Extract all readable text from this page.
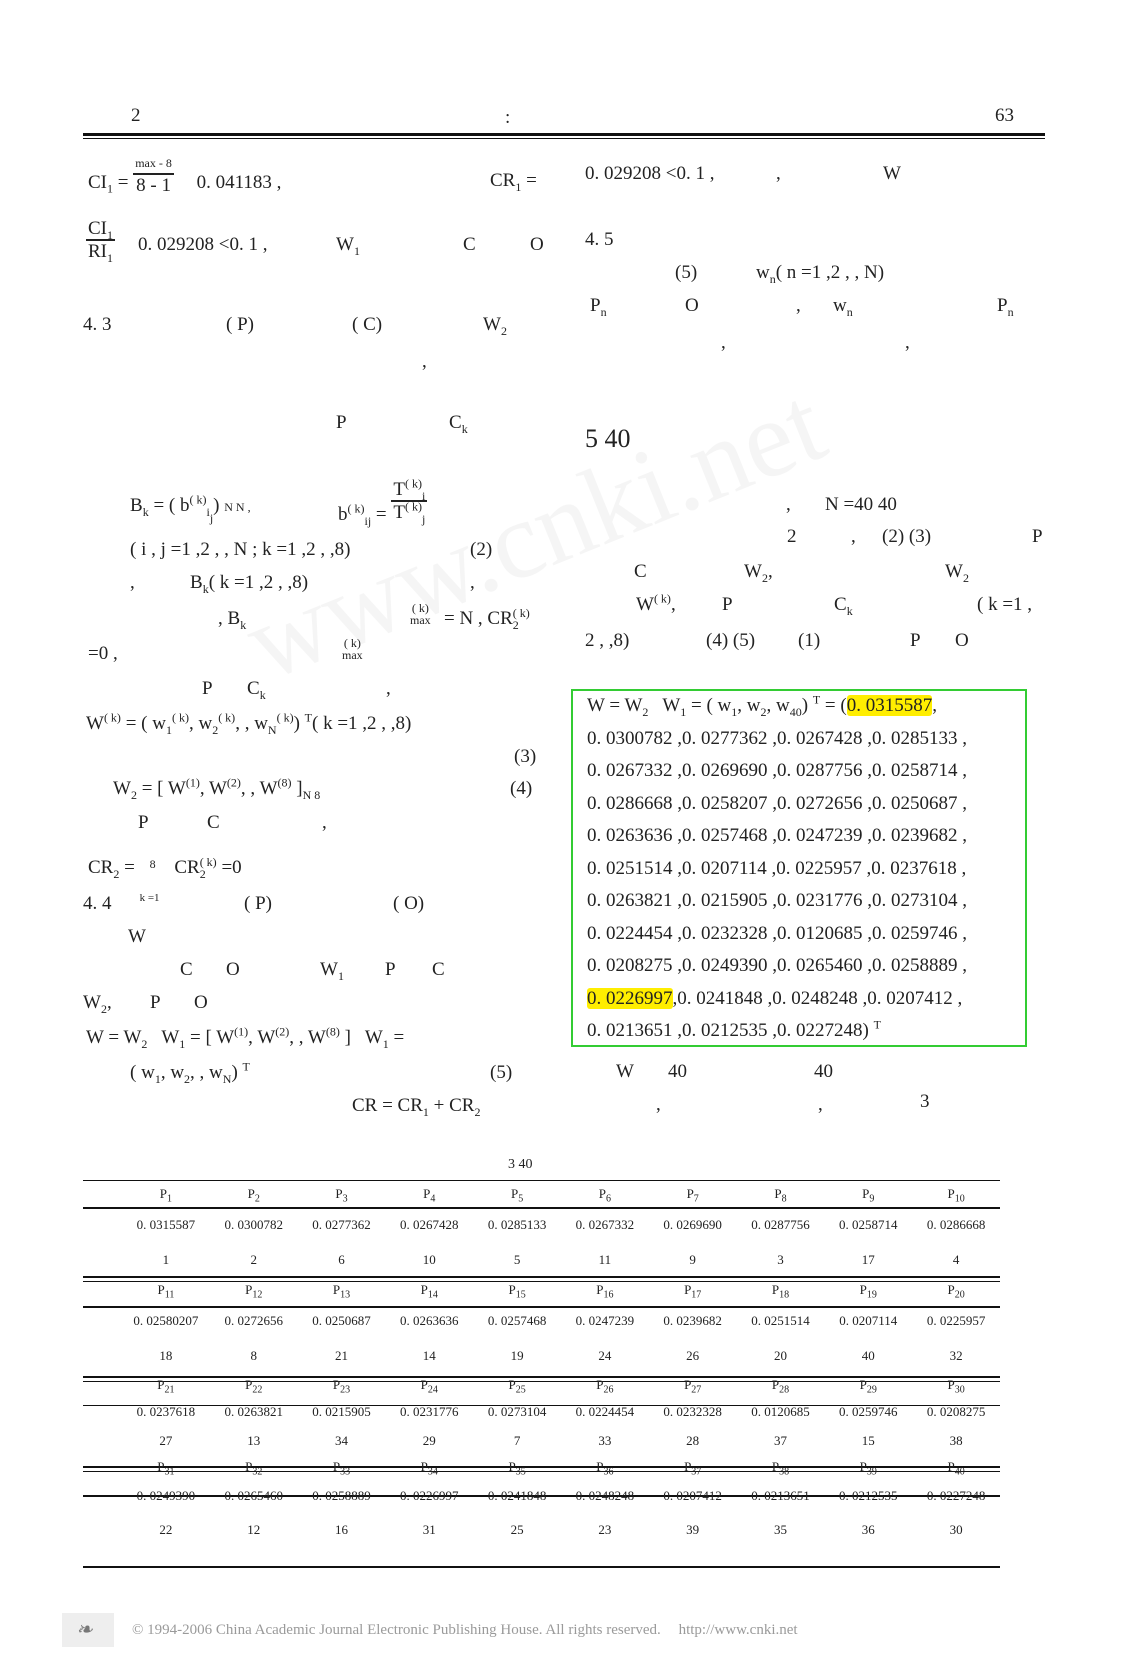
2	:	63
$CI_1 = \frac{\max - 8}{8 - 1} 0$. 041183 ,	$CR_1$ =
$\frac{CI_1}{RI_1} 0$. 029208 <0. 1 ,	$W_1$	C	O
4. 3	( P)	( C)	$W_2$
,
P	$C_k$
$B_k$ = ( $b^{( k)}_{ij}$) N N ,	$b^{( k)}_{ij} = \frac{T^{( k)}_i}{T^{( k)}_j}$
( i , j =1 ,2 , , N ; k =1 ,2 , ,8)	(2)
,	$B_k$( k =1 ,2 , ,8)	,
, $B_k$
( k)
max = N , $CR_2^{( k)}$
=0 ,	( k)
max
P $C_k$	,
$W^{( k)}$ = ( $w_1^{( k)}$, $w_2^{( k)}$, , $w_N^{( k)}$) $^T$( k =1 ,2 , ,8)
(3)
$W_2$ = [ $W^{(1)}$, $W^{(2)}$, , $W^{(8)}$ ]$_{N 8}$	(4)
P	C	,
$CR_2 = 8$
k =1
$CR_2^{( k)} =0$
4. 4	( P)	( O)
W
C O	$W_1$ P C
$W_2$, P O
$W = W_2$ $W_1$ = [ $W^{(1)}$, $W^{(2)}$, , $W^{(8)}$ ] $W_1$ =
( $w_1$, $w_2$, , $w_N$) $^T$	(5)
CR = $CR_1 + CR_2$
0. 029208 <0. 1 ,	,	W
4. 5
(5)	$w_n$( n =1 ,2 , , N)
$P_n$	O	, $w_n$	$P_n$
,	,
5 40
, N =40 40
2	, (2) (3)	P
C	$W_2$,	$W_2$
$W^{( k)}$, P	$C_k$	( k =1 ,
2 , ,8)	(4) (5) (1)	P O
$W = W_2$ $W_1$ = ( $w_1$, $w_2$, $w_{40}$) $^T$ = (0. 0315587,
0. 0300782 ,0. 0277362 ,0. 0267428 ,0. 0285133 ,
0. 0267332 ,0. 0269690 ,0. 0287756 ,0. 0258714 ,
0. 0286668 ,0. 0258207 ,0. 0272656 ,0. 0250687 ,
0. 0263636 ,0. 0257468 ,0. 0247239 ,0. 0239682 ,
0. 0251514 ,0. 0207114 ,0. 0225957 ,0. 0237618 ,
0. 0263821 ,0. 0215905 ,0. 0231776 ,0. 0273104 ,
0. 0224454 ,0. 0232328 ,0. 0120685 ,0. 0259746 ,
0. 0208275 ,0. 0249390 ,0. 0265460 ,0. 0258889 ,
0. 0226997,0. 0241848 ,0. 0248248 ,0. 0207412 ,
0. 0213651 ,0. 0212535 ,0. 0227248) $^T$
W 40	40
,	,	3
3 40
	$P_1$	$P_2$	$P_3$	$P_4$	$P_5$	$P_6$	$P_7$	$P_8$	$P_9$	$P_{10}$
	0. 0315587	0. 0300782	0. 0277362	0. 0267428	0. 0285133	0. 0267332	0. 0269690	0. 0287756	0. 0258714	0. 0286668
	1	2	6	10	5	11	9	3	17	4
	$P_{11}$	$P_{12}$	$P_{13}$	$P_{14}$	$P_{15}$	$P_{16}$	$P_{17}$	$P_{18}$	$P_{19}$	$P_{20}$
	0. 02580207	0. 0272656	0. 0250687	0. 0263636	0. 0257468	0. 0247239	0. 0239682	0. 0251514	0. 0207114	0. 0225957
	18	8	21	14	19	24	26	20	40	32
	$P_{21}$	$P_{22}$	$P_{23}$	$P_{24}$	$P_{25}$	$P_{26}$	$P_{27}$	$P_{28}$	$P_{29}$	$P_{30}$
	0. 0237618	0. 0263821	0. 0215905	0. 0231776	0. 0273104	0. 0224454	0. 0232328	0. 0120685	0. 0259746	0. 0208275
	27	13	34	29	7	33	28	37	15	38
	$P_{31}$	$P_{32}$	$P_{33}$	$P_{34}$	$P_{35}$	$P_{36}$	$P_{37}$	$P_{38}$	$P_{39}$	$P_{40}$
	0. 0249390	0. 0265460	0. 0258889	0. 0226997	0. 0241848	0. 0248248	0. 0207412	0. 0213651	0. 0212535	0. 0227248
	22	12	16	31	25	23	39	35	36	30
❧	© 1994-2006 China Academic Journal Electronic Publishing House. All rights reserved. http://www.cnki.net
